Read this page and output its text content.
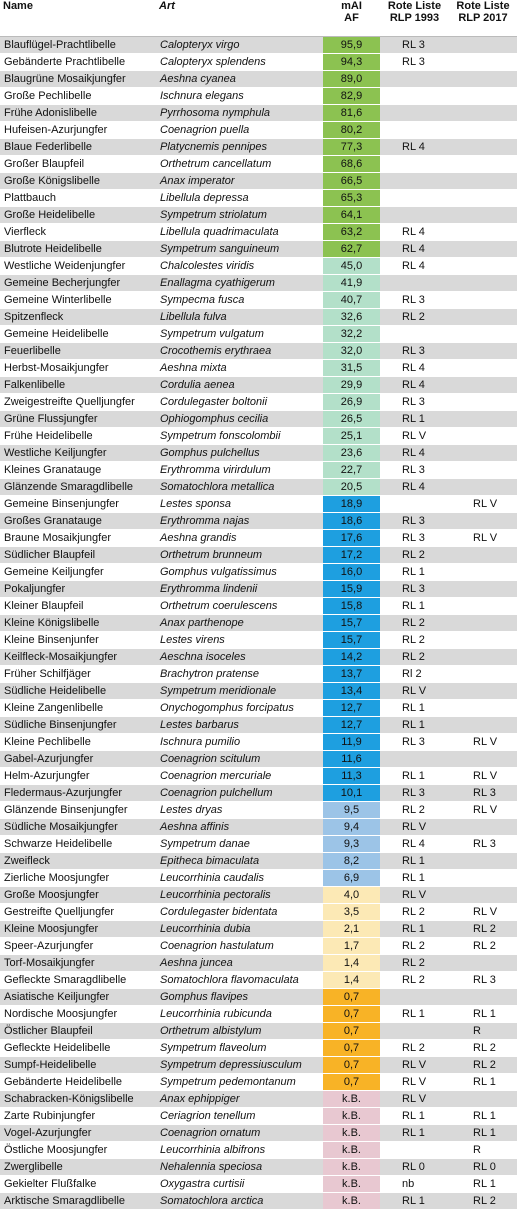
Name	Art	mAI
AF	Rote Liste
RLP 1993	Rote Liste
RLP 2017

Blauflügel-Prachtlibelle	Calopteryx virgo	95,9	RL 3	
Gebänderte Prachtlibelle	Calopteryx splendens	94,3	RL 3	
Blaugrüne Mosaikjungfer	Aeshna cyanea	89,0		
Große Pechlibelle	Ischnura elegans	82,9		
Frühe Adonislibelle	Pyrrhosoma nymphula	81,6		
Hufeisen-Azurjungfer	Coenagrion puella	80,2		
Blaue Federlibelle	Platycnemis pennipes	77,3	RL 4	
Großer Blaupfeil	Orthetrum cancellatum	68,6		
Große Königslibelle	Anax imperator	66,5		
Plattbauch	Libellula depressa	65,3		
Große Heidelibelle	Sympetrum striolatum	64,1		
Vierfleck	Libellula quadrimaculata	63,2	RL 4	
Blutrote Heidelibelle	Sympetrum sanguineum	62,7	RL 4	
Westliche Weidenjungfer	Chalcolestes viridis	45,0	RL 4	
Gemeine Becherjungfer	Enallagma cyathigerum	41,9		
Gemeine Winterlibelle	Sympecma fusca	40,7	RL 3	
Spitzenfleck	Libellula fulva	32,6	RL 2	
Gemeine Heidelibelle	Sympetrum vulgatum	32,2		
Feuerlibelle	Crocothemis erythraea	32,0	RL 3	
Herbst-Mosaikjungfer	Aeshna mixta	31,5	RL 4	
Falkenlibelle	Cordulia aenea	29,9	RL 4	
Zweigestreifte Quelljungfer	Cordulegaster boltonii	26,9	RL 3	
Grüne Flussjungfer	Ophiogomphus cecilia	26,5	RL 1	
Frühe Heidelibelle	Sympetrum fonscolombii	25,1	RL V	
Westliche Keiljungfer	Gomphus pulchellus	23,6	RL 4	
Kleines Granatauge	Erythromma virirdulum	22,7	RL 3	
Glänzende Smaragdlibelle	Somatochlora metallica	20,5	RL 4	
Gemeine Binsenjungfer	Lestes sponsa	18,9		RL V
Großes Granatauge	Erythromma najas	18,6	RL 3	
Braune Mosaikjungfer	Aeshna grandis	17,6	RL 3	RL V
Südlicher Blaupfeil	Orthetrum brunneum	17,2	RL 2	
Gemeine Keiljungfer	Gomphus vulgatissimus	16,0	RL 1	
Pokaljungfer	Erythromma lindenii	15,9	RL 3	
Kleiner Blaupfeil	Orthetrum coerulescens	15,8	RL 1	
Kleine Königslibelle	Anax parthenope	15,7	RL 2	
Kleine Binsenjunfer	Lestes virens	15,7	RL 2	
Keilfleck-Mosaikjungfer	Aeschna isoceles	14,2	RL 2	
Früher Schilfjäger	Brachytron pratense	13,7	Rl 2	
Südliche Heidelibelle	Sympetrum meridionale	13,4	RL V	
Kleine Zangenlibelle	Onychogomphus forcipatus	12,7	RL 1	
Südliche Binsenjungfer	Lestes barbarus	12,7	RL 1	
Kleine Pechlibelle	Ischnura pumilio	11,9	RL 3	RL V
Gabel-Azurjungfer	Coenagrion scitulum	11,6		
Helm-Azurjungfer	Coenagrion mercuriale	11,3	RL 1	RL V
Fledermaus-Azurjungfer	Coenagrion pulchellum	10,1	RL 3	RL 3
Glänzende Binsenjungfer	Lestes dryas	9,5	RL 2	RL V
Südliche Mosaikjungfer	Aeshna affinis	9,4	RL V	
Schwarze Heidelibelle	Sympetrum danae	9,3	RL 4	RL 3
Zweifleck	Epitheca bimaculata	8,2	RL 1	
Zierliche Moosjungfer	Leucorrhinia caudalis	6,9	RL 1	
Große Moosjungfer	Leucorrhinia pectoralis	4,0	RL V	
Gestreifte Quelljungfer	Cordulegaster bidentata	3,5	RL 2	RL V
Kleine Moosjungfer	Leucorrhinia dubia	2,1	RL 1	RL 2
Speer-Azurjungfer	Coenagrion hastulatum	1,7	RL 2	RL 2
Torf-Mosaikjungfer	Aeshna juncea	1,4	RL 2	
Gefleckte Smaragdlibelle	Somatochlora flavomaculata	1,4	RL 2	RL 3
Asiatische Keiljungfer	Gomphus flavipes	0,7		
Nordische Moosjungfer	Leucorrhinia rubicunda	0,7	RL 1	RL 1
Östlicher Blaupfeil	Orthetrum albistylum	0,7		R
Gefleckte Heidelibelle	Sympetrum flaveolum	0,7	RL 2	RL 2
Sumpf-Heidelibelle	Sympetrum depressiusculum	0,7	RL V	RL 2
Gebänderte Heidelibelle	Sympetrum pedemontanum	0,7	RL V	RL 1
Schabracken-Königslibelle	Anax ephippiger	k.B.	RL V	
Zarte Rubinjungfer	Ceriagrion tenellum	k.B.	RL 1	RL 1
Vogel-Azurjungfer	Coenagrion ornatum	k.B.	RL 1	RL 1
Östliche Moosjungfer	Leucorrhinia albifrons	k.B.		R
Zwerglibelle	Nehalennia speciosa	k.B.	RL 0	RL 0
Gekielter Flußfalke	Oxygastra curtisii	k.B.	nb	RL 1
Arktische Smaragdlibelle	Somatochlora arctica	k.B.	RL 1	RL 2
